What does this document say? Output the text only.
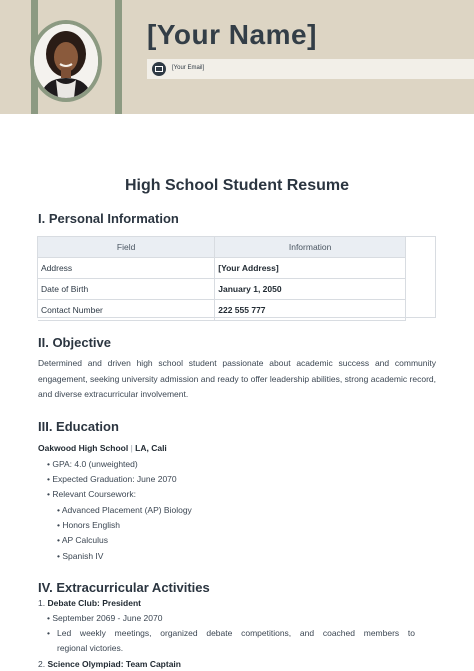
[Your Name]
[Your Email]
High School Student Resume
I. Personal Information
Field	Information
Address	[Your Address]
Date of Birth	January 1, 2050
Contact Number	222 555 777
II. Objective
Determined and driven high school student passionate about academic success and community engagement, seeking university admission and ready to offer leadership abilities, strong academic record, and diverse extracurricular involvement.
III. Education
Oakwood High School | LA, Cali
• GPA: 4.0 (unweighted)
• Expected Graduation: June 2070
• Relevant Coursework:
• Advanced Placement (AP) Biology
• Honors English
• AP Calculus
• Spanish IV
IV. Extracurricular Activities
1. Debate Club: President
• September 2069 - June 2070
• Led weekly meetings, organized debate competitions, and coached members to
regional victories.
2. Science Olympiad: Team Captain
